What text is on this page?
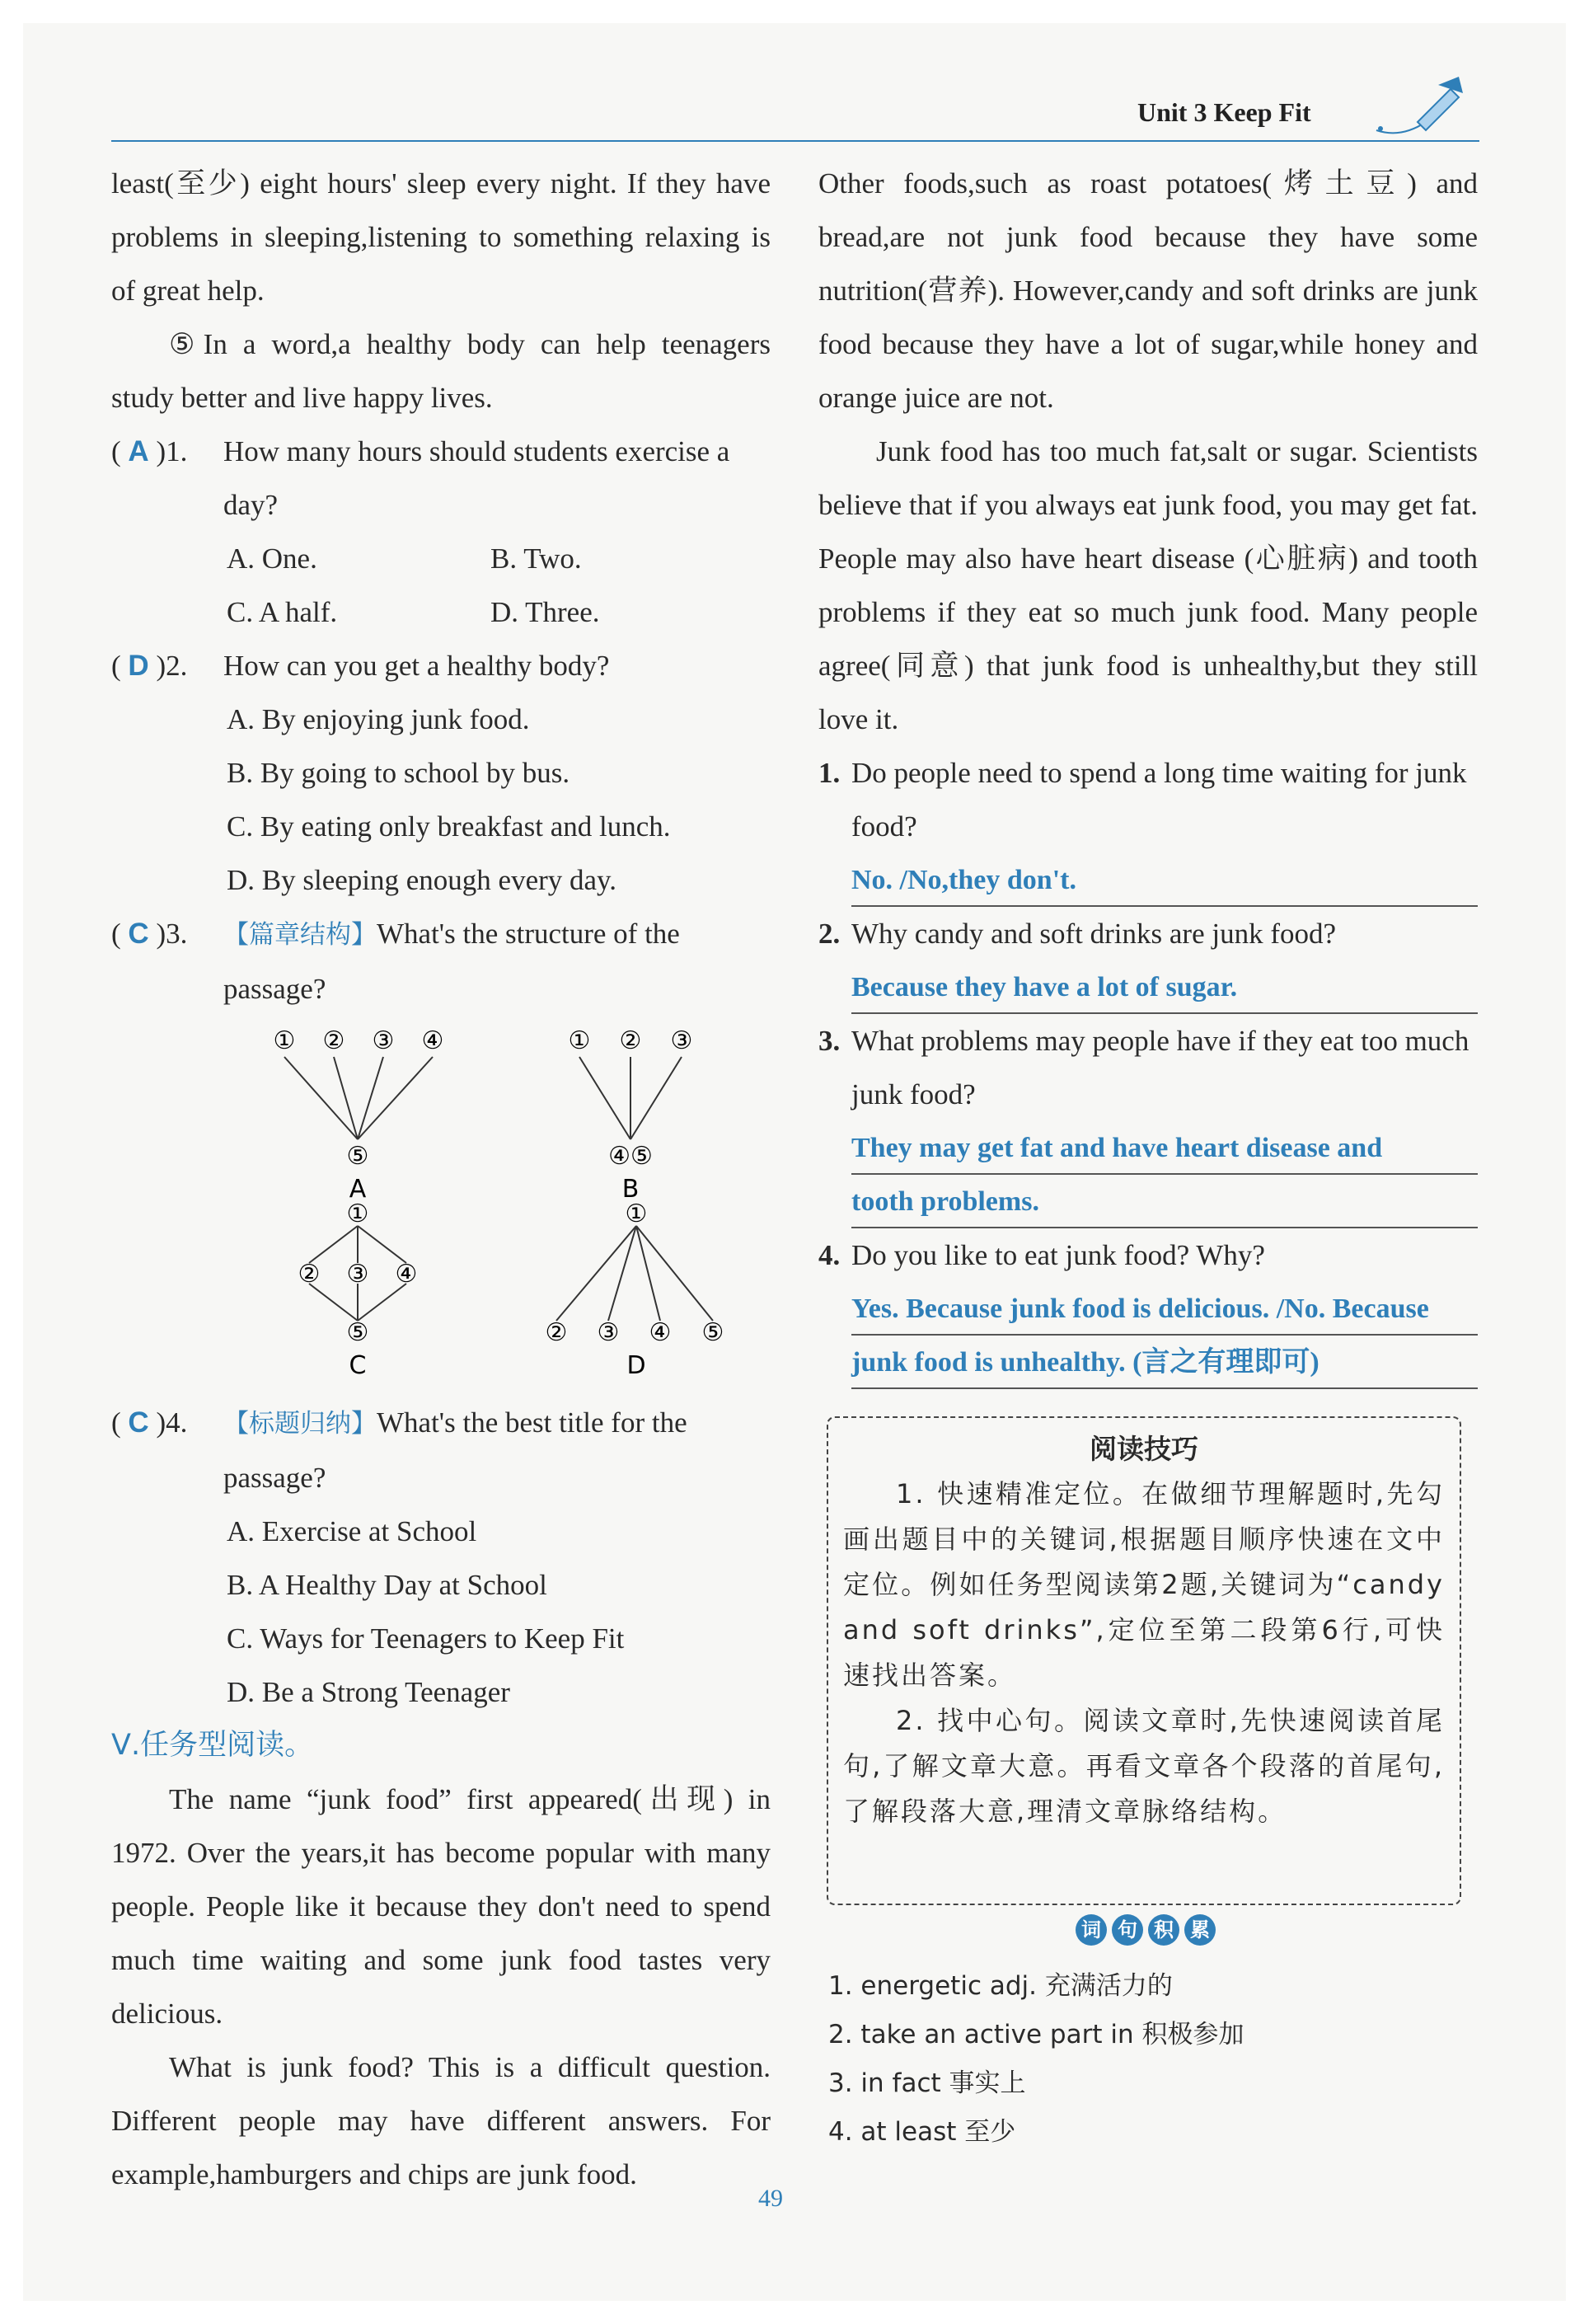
Unit 3 Keep Fit

least(至少) eight hours' sleep every night. If they have problems in sleeping,listening to something relaxing is of great help.

⑤In a word,a healthy body can help teenagers study better and live happy lives.

( A )1. How many hours should students exercise a day?
A. One.	B. Two.
C. A half.	D. Three.
( D )2. How can you get a healthy body?

A. By enjoying junk food.

B. By going to school by bus.

C. By eating only breakfast and lunch.

D. By sleeping enough every day.

( C )3. 【篇章结构】What's the structure of the passage?
① ② ③ ④
⑤
A
① ② ③
④⑤
B
①
② ③ ④
⑤
C
①
② ③ ④ ⑤
D
( C )4. 【标题归纳】What's the best title for the passage?

A. Exercise at School

B. A Healthy Day at School

C. Ways for Teenagers to Keep Fit

D. Be a Strong Teenager

Ⅴ.任务型阅读。

The name “junk food” first appeared(出现) in 1972. Over the years,it has become popular with many people. People like it because they don't need to spend much time waiting and some junk food tastes very delicious.

What is junk food? This is a difficult question. Different people may have different answers. For example,hamburgers and chips are junk food.

Other foods,such as roast potatoes(烤土豆) and bread,are not junk food because they have some nutrition(营养). However,candy and soft drinks are junk food because they have a lot of sugar,while honey and orange juice are not.

Junk food has too much fat,salt or sugar. Scientists believe that if you always eat junk food, you may get fat. People may also have heart disease (心脏病) and tooth problems if they eat so much junk food. Many people agree(同意) that junk food is unhealthy,but they still love it.

1. Do people need to spend a long time waiting for junk food?
No. /No,they don't.
2. Why candy and soft drinks are junk food?
Because they have a lot of sugar.
3. What problems may people have if they eat too much junk food?
They may get fat and have heart disease and
tooth problems.
4. Do you like to eat junk food? Why?
Yes. Because junk food is delicious. /No. Because
junk food is unhealthy. (言之有理即可)
阅读技巧

1. 快速精准定位。在做细节理解题时,先勾画出题目中的关键词,根据题目顺序快速在文中定位。例如任务型阅读第2题,关键词为“candy and soft drinks”,定位至第二段第6行,可快速找出答案。

2. 找中心句。阅读文章时,先快速阅读首尾句,了解文章大意。再看文章各个段落的首尾句,了解段落大意,理清文章脉络结构。

词 句 积 累

1. energetic adj. 充满活力的

2. take an active part in 积极参加

3. in fact 事实上

4. at least 至少

49
